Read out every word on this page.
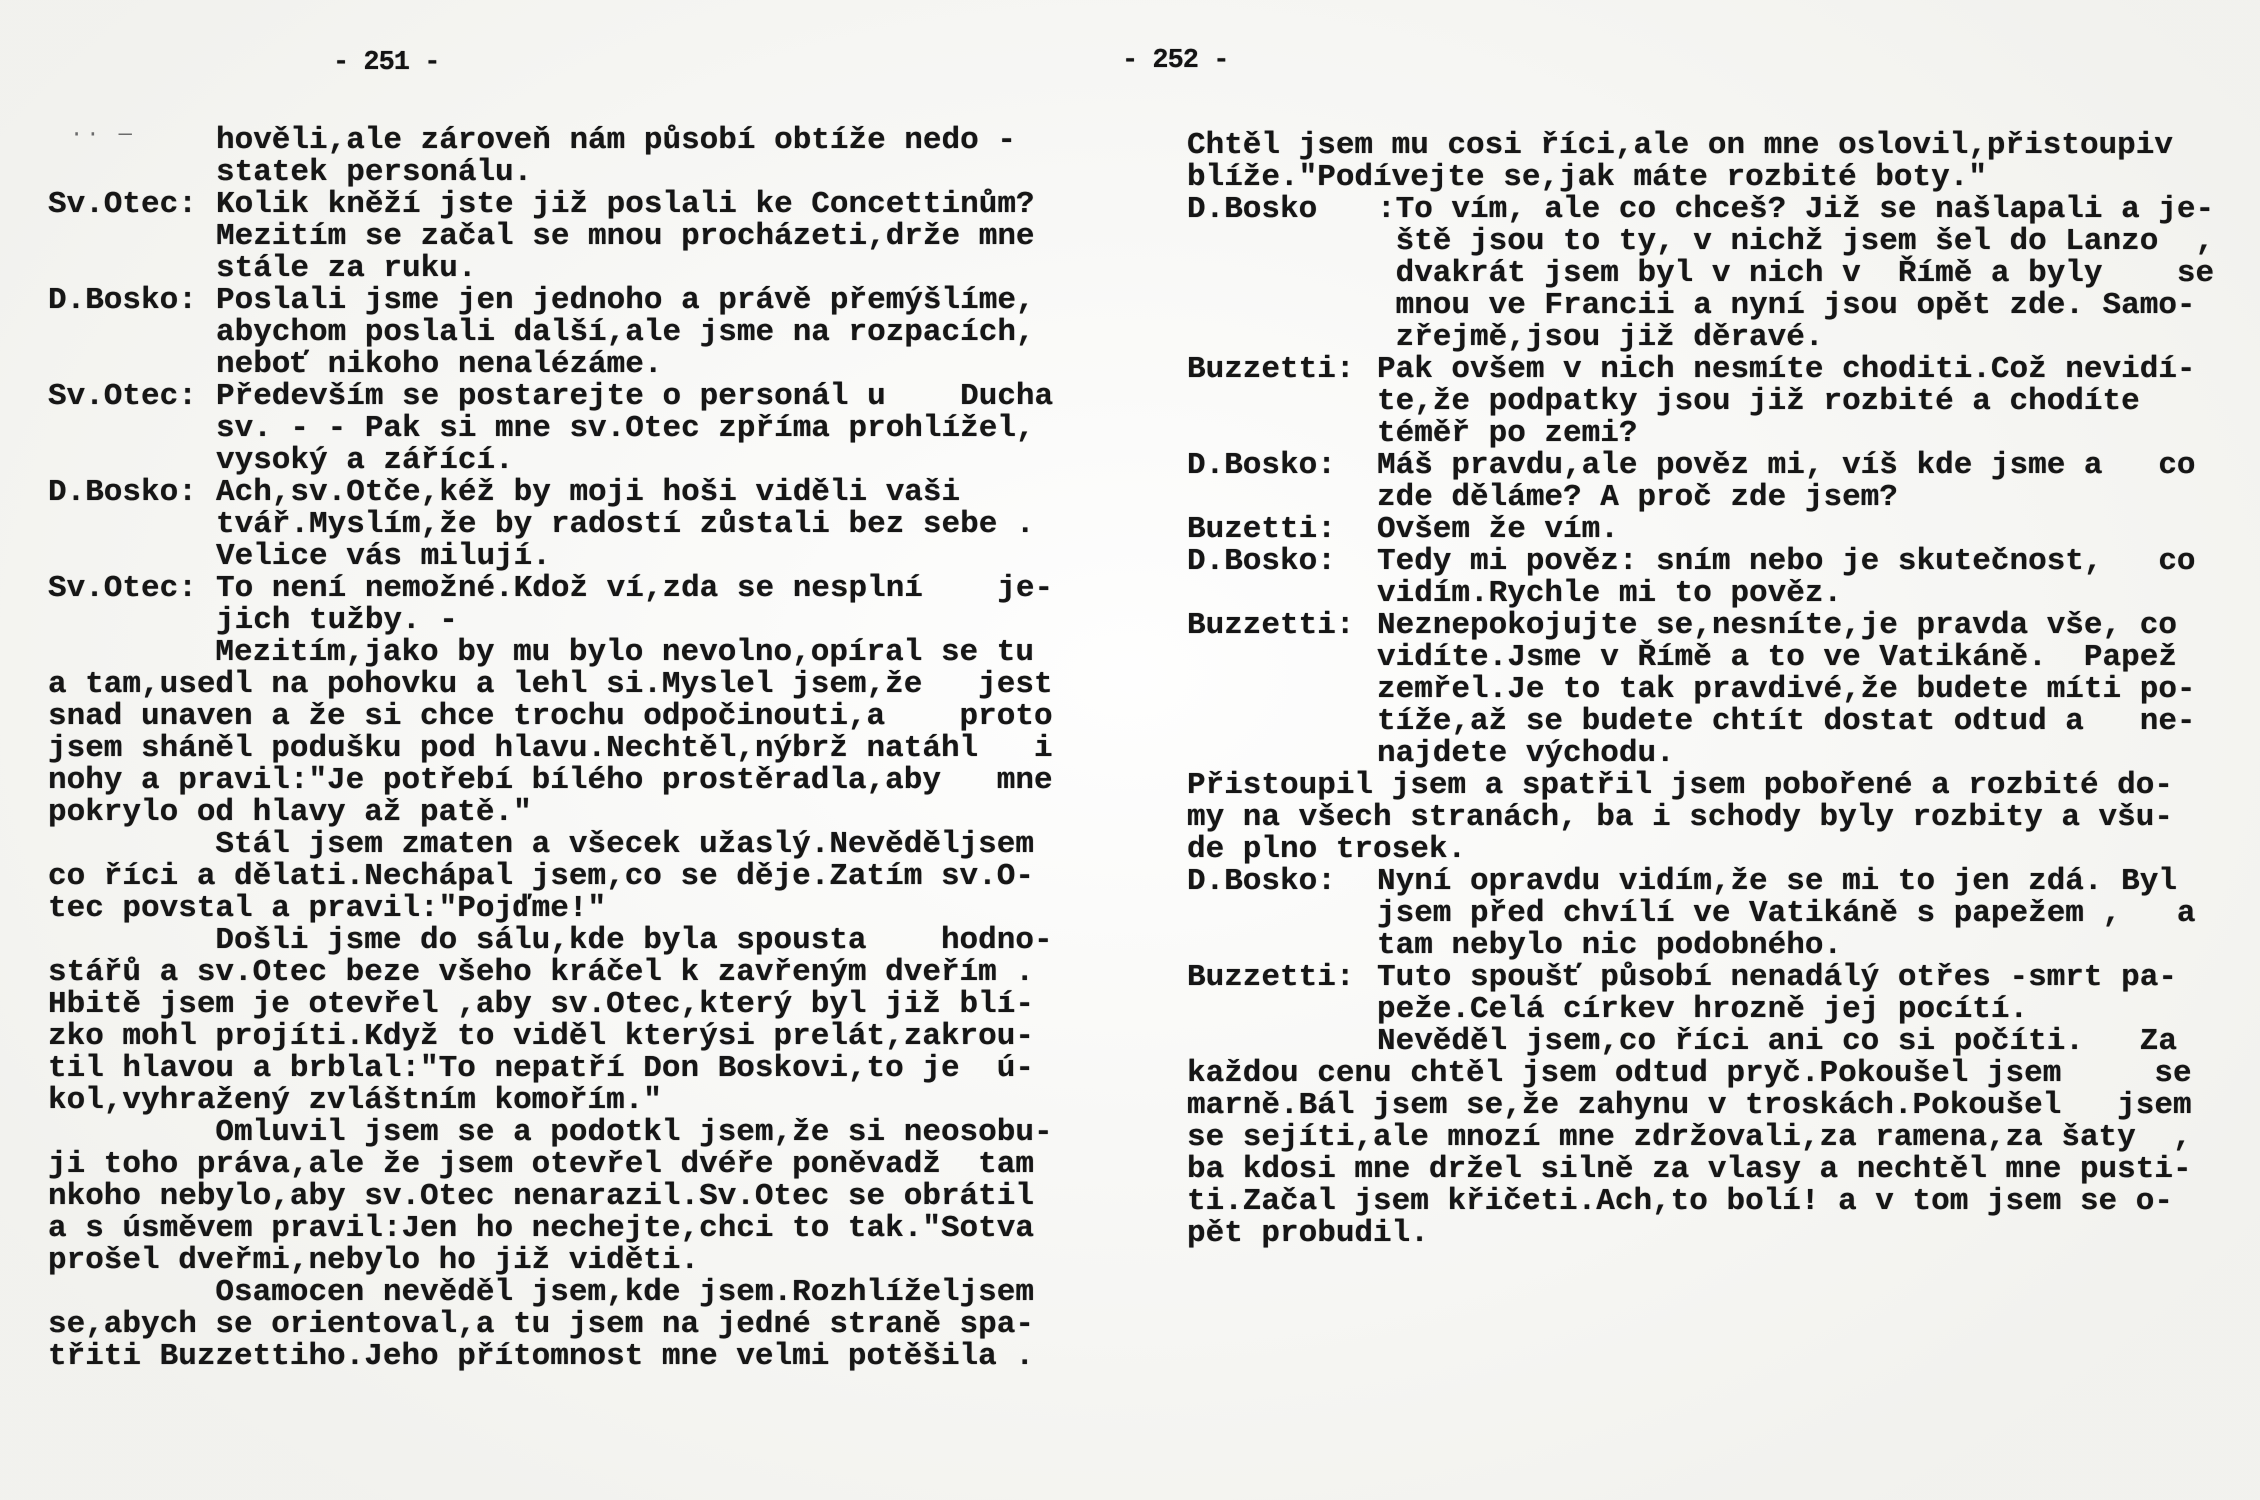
- 251 -
·· —	hověli,ale zároveň nám působí obtíže nedo -
statek personálu.
Sv.Otec: Kolik kněží jste již poslali ke Concettinům?
Mezitím se začal se mnou procházeti,drže mne
stále za ruku.
D.Bosko: Poslali jsme jen jednoho a právě přemýšlíme,
abychom poslali další,ale jsme na rozpacích,
neboť nikoho nenalézáme.
Sv.Otec: Především se postarejte o personál u    Ducha
sv. - - Pak si mne sv.Otec zpříma prohlížel,
vysoký a zářící.
D.Bosko: Ach,sv.Otče,kéž by moji hoši viděli vaši
tvář.Myslím,že by radostí zůstali bez sebe .
Velice vás milují.
Sv.Otec: To není nemožné.Kdož ví,zda se nesplní    je-
jich tužby. -
Mezitím,jako by mu bylo nevolno,opíral se tu
a tam,usedl na pohovku a lehl si.Myslel jsem,že   jest
snad unaven a že si chce trochu odpočinouti,a    proto
jsem sháněl podušku pod hlavu.Nechtěl,nýbrž natáhl   i
nohy a pravil:"Je potřebí bílého prostěradla,aby   mne
pokrylo od hlavy až patě."
Stál jsem zmaten a všecek užaslý.Nevěděljsem
co říci a dělati.Nechápal jsem,co se děje.Zatím sv.O-
tec povstal a pravil:"Pojďme!"
Došli jsme do sálu,kde byla spousta    hodno-
stářů a sv.Otec beze všeho kráčel k zavřeným dveřím .
Hbitě jsem je otevřel ,aby sv.Otec,který byl již blí-
zko mohl projíti.Když to viděl kterýsi prelát,zakrou-
til hlavou a brblal:"To nepatří Don Boskovi,to je  ú-
kol,vyhražený zvláštním komořím."
Omluvil jsem se a podotkl jsem,že si neosobu-
ji toho práva,ale že jsem otevřel dvéře poněvadž  tam
nkoho nebylo,aby sv.Otec nenarazil.Sv.Otec se obrátil
a s úsměvem pravil:Jen ho nechejte,chci to tak."Sotva
prošel dveřmi,nebylo ho již viděti.
Osamocen nevěděl jsem,kde jsem.Rozhlíželjsem
se,abych se orientoval,a tu jsem na jedné straně spa-
třiti Buzzettiho.Jeho přítomnost mne velmi potěšila .
- 252 -
Chtěl jsem mu cosi říci,ale on mne oslovil,přistoupiv
blíže."Podívejte se,jak máte rozbité boty."
D.Bosko	:To vím, ale co chceš? Již se našlapali a je-
ště jsou to ty, v nichž jsem šel do Lanzo  ,
dvakrát jsem byl v nich v  Římě a byly    se
mnou ve Francii a nyní jsou opět zde. Samo-
zřejmě,jsou již děravé.
Buzzetti: Pak ovšem v nich nesmíte choditi.Což nevidí-
te,že podpatky jsou již rozbité a chodíte
téměř po zemi?
D.Bosko:	Máš pravdu,ale pověz mi, víš kde jsme a   co
zde děláme? A proč zde jsem?
Buzetti:	Ovšem že vím.
D.Bosko:	Tedy mi pověz: sním nebo je skutečnost,   co
vidím.Rychle mi to pověz.
Buzzetti: Neznepokojujte se,nesníte,je pravda vše, co
vidíte.Jsme v Římě a to ve Vatikáně.  Papež
zemřel.Je to tak pravdivé,že budete míti po-
tíže,až se budete chtít dostat odtud a   ne-
najdete východu.
Přistoupil jsem a spatřil jsem pobořené a rozbité do-
my na všech stranách, ba i schody byly rozbity a všu-
de plno trosek.
D.Bosko:	Nyní opravdu vidím,že se mi to jen zdá. Byl
jsem před chvílí ve Vatikáně s papežem ,   a
tam nebylo nic podobného.
Buzzetti: Tuto spoušť působí nenadálý otřes -smrt pa-
peže.Celá církev hrozně jej pocítí.
Nevěděl jsem,co říci ani co si počíti.   Za
každou cenu chtěl jsem odtud pryč.Pokoušel jsem     se
marně.Bál jsem se,že zahynu v troskách.Pokoušel   jsem
se sejíti,ale mnozí mne zdržovali,za ramena,za šaty  ,
ba kdosi mne držel silně za vlasy a nechtěl mne pusti-
ti.Začal jsem křičeti.Ach,to bolí! a v tom jsem se o-
pět probudil.
